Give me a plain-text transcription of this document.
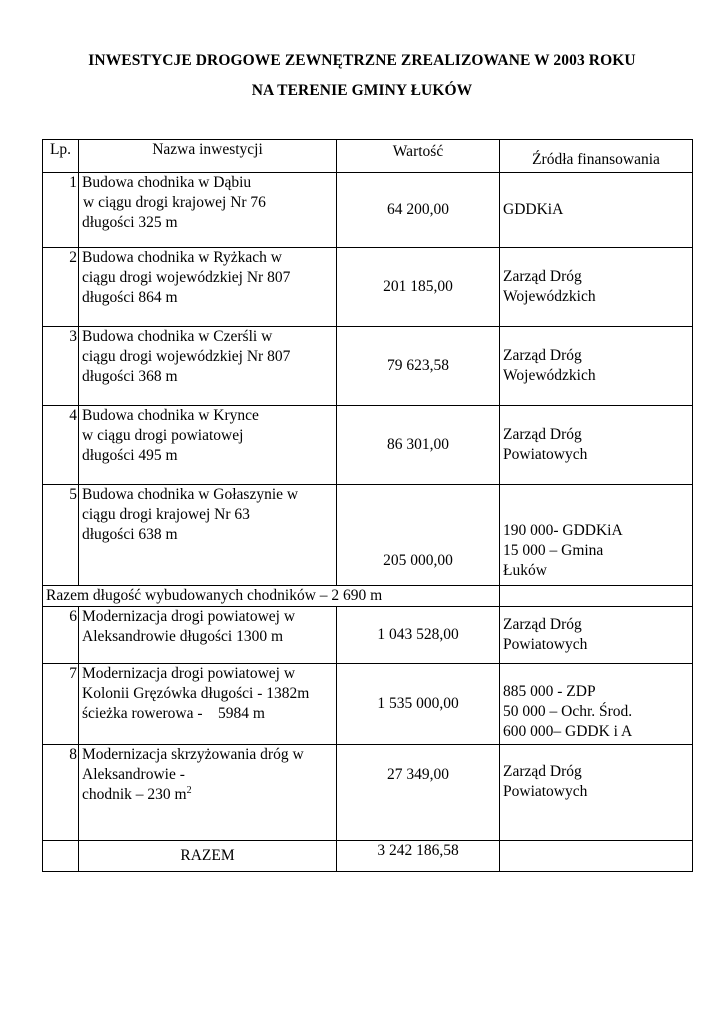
INWESTYCJE DROGOWE ZEWNĘTRZNE ZREALIZOWANE W 2003 ROKU
NA TERENIE GMINY ŁUKÓW
Lp.	Nazwa inwestycji	Wartość	Źródła finansowania
1	Budowa chodnika w Dąbiu
w ciągu drogi krajowej Nr 76
długości 325 m	64 200,00	GDDKiA

2	Budowa chodnika w Ryżkach w
ciągu drogi wojewódzkiej Nr 807
długości 864 m	201 185,00	Zarząd Dróg
Wojewódzkich

3	Budowa chodnika w Czerśli w
ciągu drogi wojewódzkiej Nr 807
długości 368 m	79 623,58	Zarząd Dróg
Wojewódzkich

4	Budowa chodnika w Kryncе
w ciągu drogi powiatowej
długości 495 m	86 301,00	Zarząd Dróg
Powiatowych

5	Budowa chodnika w Gołaszynie w
ciągu drogi krajowej Nr 63
długości 638 m	205 000,00	190 000- GDDKiA
15 000 – Gmina
Łuków

Razem długość wybudowanych chodników – 2 690 m			
6	Modernizacja drogi powiatowej w
Aleksandrowie długości 1300 m	1 043 528,00	Zarząd Dróg
Powiatowych

7	Modernizacja drogi powiatowej w
Kolonii Gręzówka długości - 1382m
ścieżka rowerowa -    5984 m	1 535 000,00	885 000 - ZDP
50 000 – Ochr. Środ.
600 000– GDDK i A

8	Modernizacja skrzyżowania dróg w
Aleksandrowie -
chodnik – 230 $m^2$	27 349,00	Zarząd Dróg
Powiatowych

	RAZEM	3 242 186,58	
